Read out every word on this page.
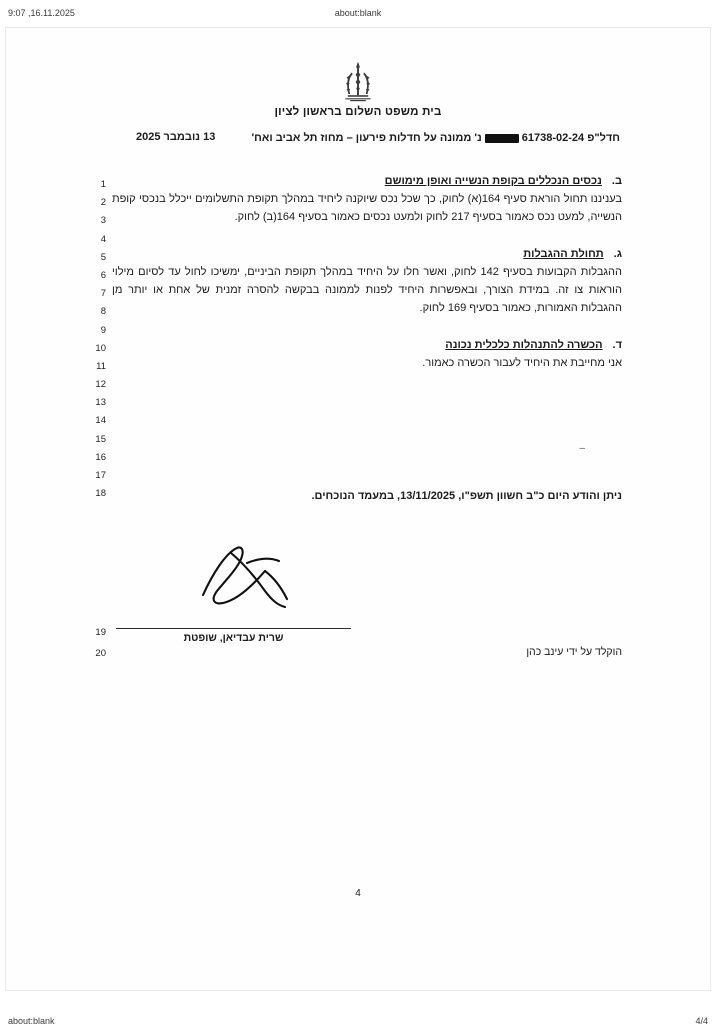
9:07 ,16.11.2025	about:blank
בית משפט השלום בראשון לציון
13 נובמבר 2025	חדל"פ 61738-02-24נ' ממונה על חדלות פירעון – מחוז תל אביב ואח'
1
2
3
4
5
6
7
8
9
10
11
12
13
14
15
16
17
18
ב.נכסים הנכללים בקופת הנשייה ואופן מימושם
בעניננו תחול הוראת סעיף 164(א) לחוק, כך שכל נכס שיוקנה ליחיד במהלך תקופת התשלומים ייכלל בנכסי קופת הנשייה, למעט נכס כאמור בסעיף 217 לחוק ולמעט נכסים כאמור בסעיף 164(ב) לחוק.
ג.תחולת ההגבלות
ההגבלות הקבועות בסעיף 142 לחוק, ואשר חלו על היחיד במהלך תקופת הביניים, ימשיכו לחול עד לסיום מילוי הוראות צו זה. במידת הצורך, ובאפשרות היחיד לפנות לממונה בבקשה להסרה זמנית של אחת או יותר מן ההגבלות האמורות, כאמור בסעיף 169 לחוק.
ד.הכשרה להתנהלות כלכלית נכונה
אני מחייבת את היחיד לעבור הכשרה כאמור.
–
ניתן והודע היום כ"ב חשוון תשפ"ו, 13/11/2025, במעמד הנוכחים.
שרית עבדיאן, שופטת
19
20	הוקלד על ידי עינב כהן
4
about:blank	4/4
